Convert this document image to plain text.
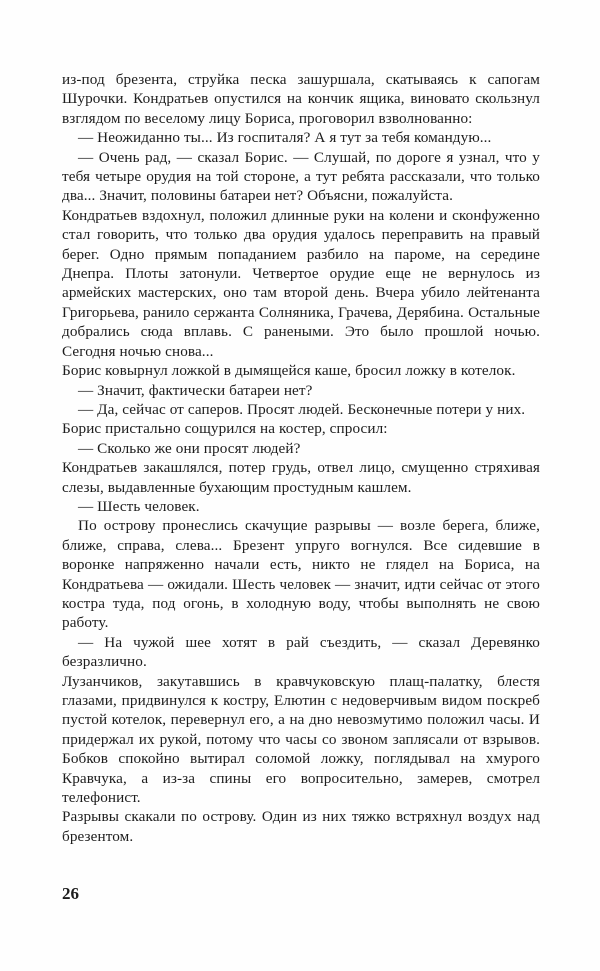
из-под брезента, струйка песка зашуршала, скатываясь к сапогам Шурочки. Кондратьев опустился на кончик ящика, виновато скользнул взглядом по веселому лицу Бориса, проговорил взволнованно:

— Неожиданно ты... Из госпиталя? А я тут за тебя командую...

— Очень рад, — сказал Борис. — Слушай, по дороге я узнал, что у тебя четыре орудия на той стороне, а тут ребята рассказали, что только два... Значит, половины батареи нет? Объясни, пожалуйста.

Кондратьев вздохнул, положил длинные руки на колени и сконфуженно стал говорить, что только два орудия удалось переправить на правый берег. Одно прямым попаданием разбило на пароме, на середине Днепра. Плоты затонули. Четвертое орудие еще не вернулось из армейских мастерских, оно там второй день. Вчера убило лейтенанта Григорьева, ранило сержанта Солняника, Грачева, Дерябина. Остальные добрались сюда вплавь. С ранеными. Это было прошлой ночью. Сегодня ночью снова...

Борис ковырнул ложкой в дымящейся каше, бросил ложку в котелок.

— Значит, фактически батареи нет?

— Да, сейчас от саперов. Просят людей. Бесконечные потери у них.

Борис пристально сощурился на костер, спросил:

— Сколько же они просят людей?

Кондратьев закашлялся, потер грудь, отвел лицо, смущенно стряхивая слезы, выдавленные бухающим простудным кашлем.

— Шесть человек.

По острову пронеслись скачущие разрывы — возле берега, ближе, ближе, справа, слева... Брезент упруго вогнулся. Все сидевшие в воронке напряженно начали есть, никто не глядел на Бориса, на Кондратьева — ожидали. Шесть человек — значит, идти сейчас от этого костра туда, под огонь, в холодную воду, чтобы выполнять не свою работу.

— На чужой шее хотят в рай съездить, — сказал Деревянко безразлично.

Лузанчиков, закутавшись в кравчуковскую плащ-палатку, блестя глазами, придвинулся к костру, Елютин с недоверчивым видом поскреб пустой котелок, перевернул его, а на дно невозмутимо положил часы. И придержал их рукой, потому что часы со звоном заплясали от взрывов. Бобков спокойно вытирал соломой ложку, поглядывал на хмурого Кравчука, а из-за спины его вопросительно, замерев, смотрел телефонист.

Разрывы скакали по острову. Один из них тяжко встряхнул воздух над брезентом.

26
